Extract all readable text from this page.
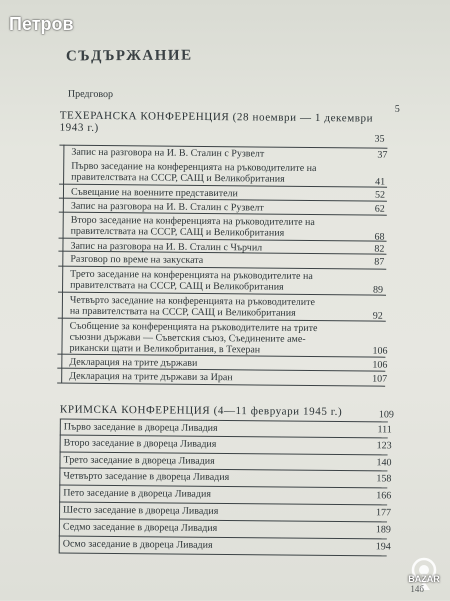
Петров
СЪДЪРЖАНИЕ
Предговор
5
ТЕХЕРАНСКА КОНФЕРЕНЦИЯ (28 ноември — 1 декември
1943 г.)
35
Запис на разговора на И. В. Сталин с Рузвелт	37
Първо заседание на конференцията на ръководителите на
правителствата на СССР, САЩ и Великобритания	41
Съвещание на военните представители	52
Запис на разговора на И. В. Сталин с Рузвелт	62
Второ заседание на конференцията на ръководителите на
правителствата на СССР, САЩ и Великобритания	68
Запис на разговора на И. В. Сталин с Чърчил	82
Разговор по време на закуската	87
Трето заседание на конференцията на ръководителите на
правителствата на СССР, САЩ и Великобритания	89
Четвърто заседание на конференцията на ръководителите
на правителствата на СССР, САЩ и Великобритания	92
Съобщение за конференцията на ръководителите на трите
съюзни държави — Съветския съюз, Съединените аме-
рикански щати и Великобритания, в Техеран	106
Декларация на трите държави	106
Декларация на трите държави за Иран	107
КРИМСКА КОНФЕРЕНЦИЯ (4—11 февруари 1945 г.)	109
Първо заседание в двореца Ливадия	111
Второ заседание в двореца Ливадия	123
Трето заседание в двореца Ливадия	140
Четвърто заседание в двореца Ливадия	158
Пето заседание в двореца Ливадия	166
Шесто заседание в двореца Ливадия	177
Седмо заседание в двореца Ливадия	189
Осмо заседание в двореца Ливадия	194
BAZAR
14б
